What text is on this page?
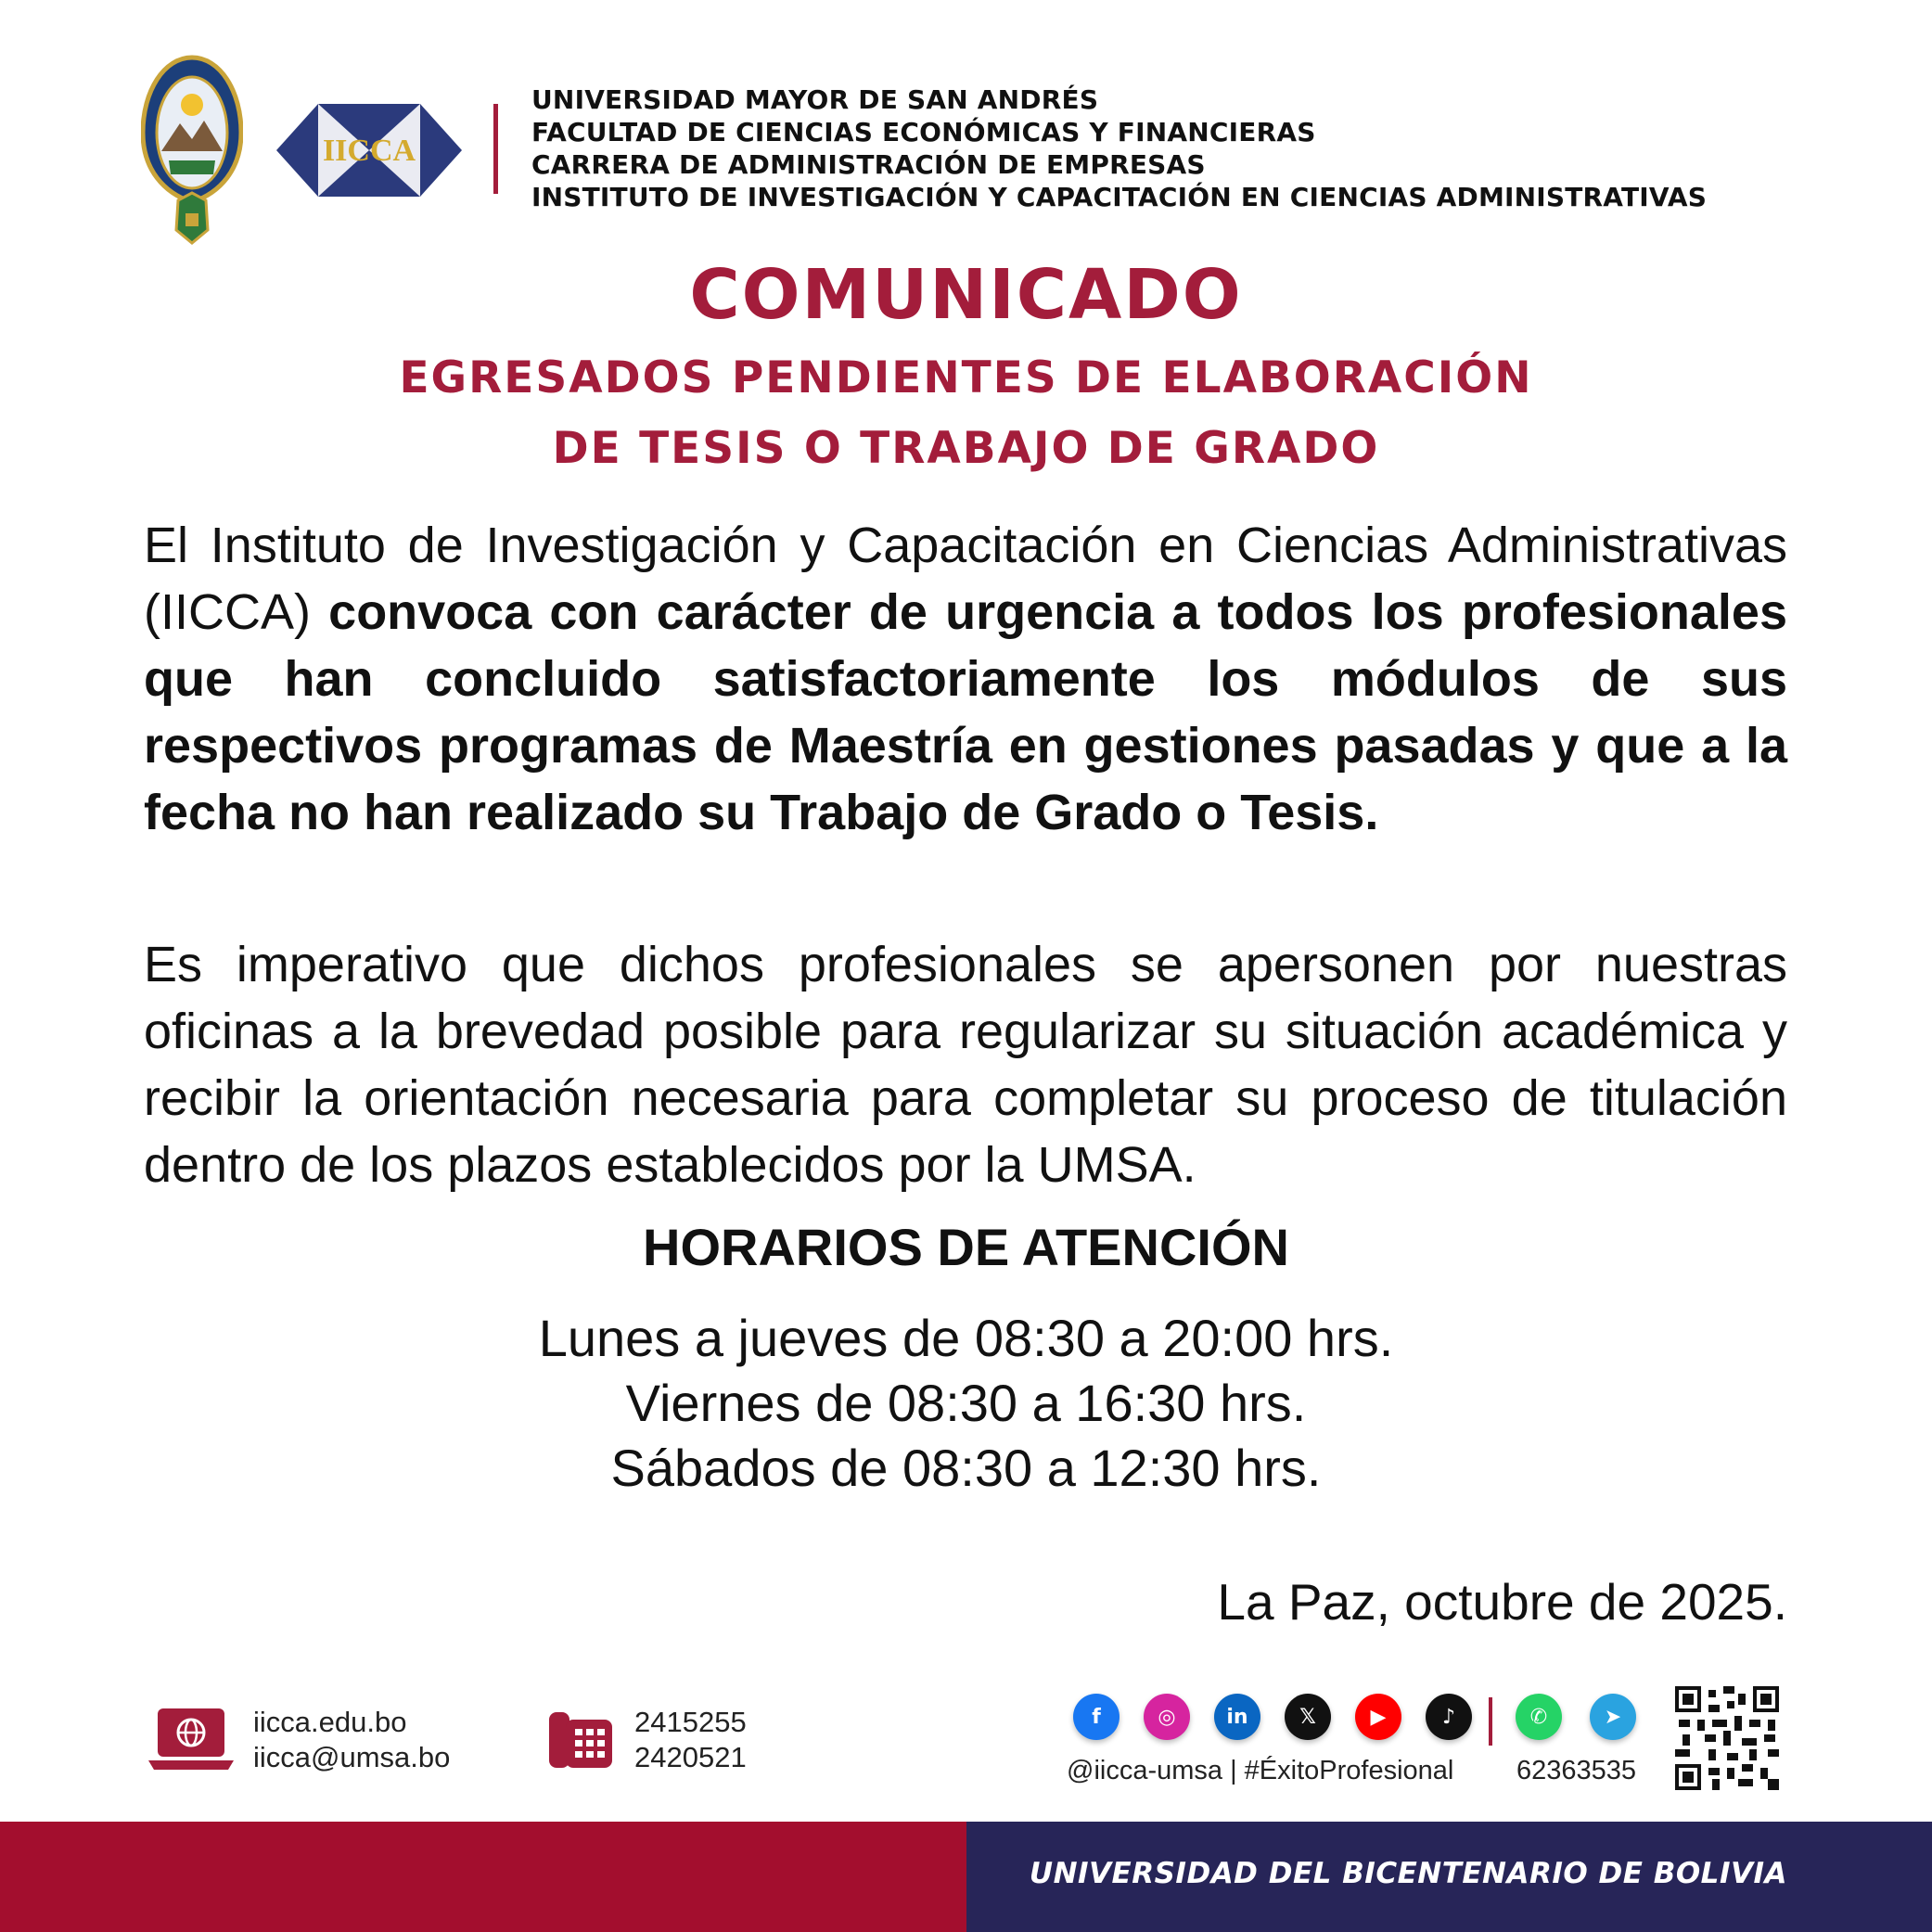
IICCA
UNIVERSIDAD MAYOR DE SAN ANDRÉS
FACULTAD DE CIENCIAS ECONÓMICAS Y FINANCIERAS
CARRERA DE ADMINISTRACIÓN DE EMPRESAS
INSTITUTO DE INVESTIGACIÓN Y CAPACITACIÓN EN CIENCIAS ADMINISTRATIVAS
COMUNICADO
EGRESADOS PENDIENTES DE ELABORACIÓN
DE TESIS O TRABAJO DE GRADO
El Instituto de Investigación y Capacitación en Ciencias Administrativas (IICCA) convoca con carácter de urgencia a todos los profesionales que han concluido satisfactoriamente los módulos de sus respectivos programas de Maestría en gestiones pasadas y que a la fecha no han realizado su Trabajo de Grado o Tesis.
Es imperativo que dichos profesionales se apersonen por nuestras oficinas a la brevedad posible para regularizar su situación académica y recibir la orientación necesaria para completar su proceso de titulación dentro de los plazos establecidos por la UMSA.
HORARIOS DE ATENCIÓN
Lunes a jueves de 08:30 a 20:00 hrs.
Viernes de 08:30 a 16:30 hrs.
Sábados de 08:30 a 12:30 hrs.
La Paz, octubre de 2025.
iicca.edu.bo
iicca@umsa.bo
2415255
2420521
f	◎ in	𝕏	▶	♪	✆	➤
@iicca-umsa | #ÉxitoProfesional 62363535
UNIVERSIDAD DEL BICENTENARIO DE BOLIVIA
